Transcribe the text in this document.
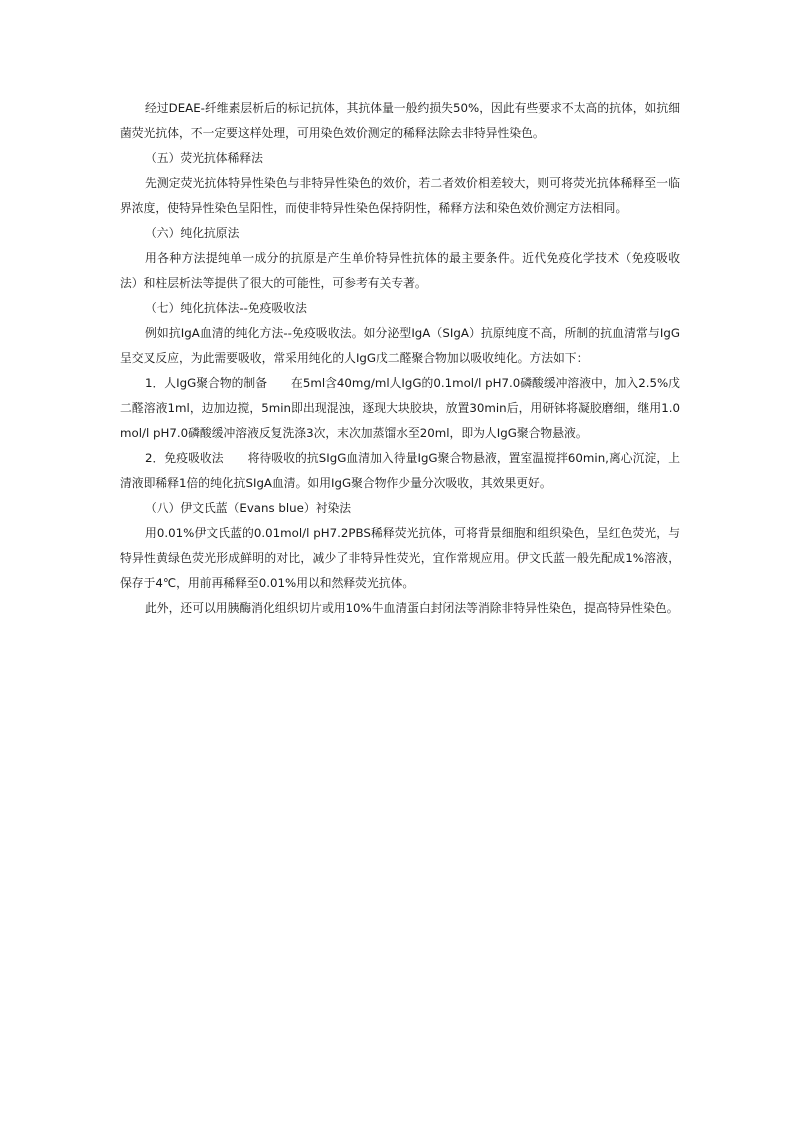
经过DEAE-纤维素层析后的标记抗体，其抗体量一般约损失50%，因此有些要求不太高的抗体，如抗细菌荧光抗体，不一定要这样处理，可用染色效价测定的稀释法除去非特异性染色。

（五）荧光抗体稀释法

先测定荧光抗体特异性染色与非特异性染色的效价，若二者效价相差较大，则可将荧光抗体稀释至一临界浓度，使特异性染色呈阳性，而使非特异性染色保持阴性，稀释方法和染色效价测定方法相同。

（六）纯化抗原法

用各种方法提纯单一成分的抗原是产生单价特异性抗体的最主要条件。近代免疫化学技术（免疫吸收法）和柱层析法等提供了很大的可能性，可参考有关专著。

（七）纯化抗体法--免疫吸收法

例如抗IgA血清的纯化方法--免疫吸收法。如分泌型IgA（SIgA）抗原纯度不高，所制的抗血清常与IgG呈交叉反应，为此需要吸收，常采用纯化的人IgG戊二醛聚合物加以吸收纯化。方法如下：

1．人IgG聚合物的制备 在5ml含40mg/ml人IgG的0.1mol/l pH7.0磷酸缓冲溶液中，加入2.5%戊二醛溶液1ml，边加边搅，5min即出现混浊，逐现大块胶块，放置30min后，用研钵将凝胶磨细，继用1.0mol/l pH7.0磷酸缓冲溶液反复洗涤3次，末次加蒸馏水至20ml，即为人IgG聚合物悬液。

2．免疫吸收法 将待吸收的抗SIgG血清加入待量IgG聚合物悬液，置室温搅拌60min,离心沉淀，上清液即稀释1倍的纯化抗SIgA血清。如用IgG聚合物作少量分次吸收，其效果更好。

（八）伊文氏蓝（Evans blue）衬染法

用0.01%伊文氏蓝的0.01mol/l pH7.2PBS稀释荧光抗体，可将背景细胞和组织染色，呈红色荧光，与特异性黄绿色荧光形成鲜明的对比，减少了非特异性荧光，宜作常规应用。伊文氏蓝一般先配成1%溶液，保存于4℃，用前再稀释至0.01%用以和然释荧光抗体。

此外，还可以用胰酶消化组织切片或用10%牛血清蛋白封闭法等消除非特异性染色，提高特异性染色。
